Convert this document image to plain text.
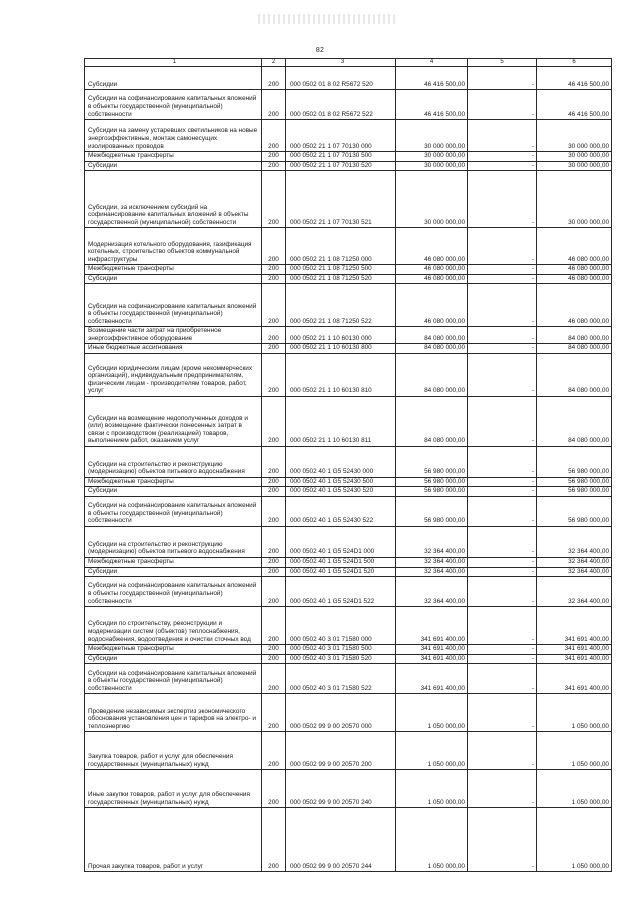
82
1	2	3	4	5	6
Субсидии	200	000 0502 01 8 02 R5672 520	46 416 500,00	-	46 416 500,00
Субсидии на софинансирование капитальных вложений в объекты государственной (муниципальной) собственности	200	000 0502 01 8 02 R5672 522	46 416 500,00	-	46 416 500,00
Субсидии на замену устаревших светильников на новые энергоэффективные, монтаж самонесущих изолированных проводов	200	000 0502 21 1 07 70130 000	30 000 000,00	-	30 000 000,00
Межбюджетные трансферты	200	000 0502 21 1 07 70130 500	30 000 000,00	-	30 000 000,00
Субсидии	200	000 0502 21 1 07 70130 520	30 000 000,00	-	30 000 000,00
Субсидии, за исключением субсидий на софинансирование капитальных вложений в объекты государственной (муниципальной) собственности	200	000 0502 21 1 07 70130 521	30 000 000,00	-	30 000 000,00
Модернизация котельного оборудования, газификация котельных, строительство объектов коммунальной инфраструктуры	200	000 0502 21 1 08 71250 000	46 080 000,00	-	46 080 000,00
Межбюджетные трансферты	200	000 0502 21 1 08 71250 500	46 080 000,00	-	46 080 000,00
Субсидии	200	000 0502 21 1 08 71250 520	46 080 000,00	-	46 080 000,00
Субсидии на софинансирование капитальных вложений в объекты государственной (муниципальной) собственности	200	000 0502 21 1 08 71250 522	46 080 000,00	-	46 080 000,00
Возмещение части затрат на приобретенное энергоэффективное оборудование	200	000 0502 21 1 10 60130 000	84 080 000,00	-	84 080 000,00
Иные бюджетные ассигнования	200	000 0502 21 1 10 60130 800	84 080 000,00	-	84 080 000,00
Субсидии юридическим лицам (кроме некоммерческих организаций), индивидуальным предпринимателям, физическим лицам - производителям товаров, работ, услуг	200	000 0502 21 1 10 60130 810	84 080 000,00	-	84 080 000,00
Субсидии на возмещение недополученных доходов и (или) возмещение фактически понесенных затрат в связи с производством (реализацией) товаров, выполнением работ, оказанием услуг	200	000 0502 21 1 10 60130 811	84 080 000,00	-	84 080 000,00
Субсидии на строительство и реконструкцию (модернизацию) объектов питьевого водоснабжения	200	000 0502 40 1 G5 52430 000	56 980 000,00	-	56 980 000,00
Межбюджетные трансферты	200	000 0502 40 1 G5 52430 500	56 980 000,00	-	56 980 000,00
Субсидии	200	000 0502 40 1 G5 52430 520	56 980 000,00	-	56 980 000,00
Субсидии на софинансирование капитальных вложений в объекты государственной (муниципальной) собственности	200	000 0502 40 1 G5 52430 522	56 980 000,00	-	56 980 000,00
Субсидии на строительство и реконструкцию (модернизацию) объектов питьевого водоснабжения	200	000 0502 40 1 G5 524D1 000	32 364 400,00	-	32 364 400,00
Межбюджетные трансферты	200	000 0502 40 1 G5 524D1 500	32 364 400,00	-	32 364 400,00
Субсидии	200	000 0502 40 1 G5 524D1 520	32 364 400,00	-	32 364 400,00
Субсидии на софинансирование капитальных вложений в объекты государственной (муниципальной) собственности	200	000 0502 40 1 G5 524D1 522	32 364 400,00	-	32 364 400,00
Субсидии по строительству, реконструкции и модернизации систем (объектов) теплоснабжения, водоснабжения, водоотведения и очистки сточных вод	200	000 0502 40 3 01 71580 000	341 691 400,00	-	341 691 400,00
Межбюджетные трансферты	200	000 0502 40 3 01 71580 500	341 691 400,00	-	341 691 400,00
Субсидии	200	000 0502 40 3 01 71580 520	341 691 400,00	-	341 691 400,00
Субсидии на софинансирование капитальных вложений в объекты государственной (муниципальной) собственности	200	000 0502 40 3 01 71580 522	341 691 400,00	-	341 691 400,00
Проведение независимых экспертиз экономического обоснования установления цен и тарифов на электро- и теплоэнергию	200	000 0502 99 9 00 20570 000	1 050 000,00	-	1 050 000,00
Закупка товаров, работ и услуг для обеспечения государственных (муниципальных) нужд	200	000 0502 99 9 00 20570 200	1 050 000,00	-	1 050 000,00
Иные закупки товаров, работ и услуг для обеспечения государственных (муниципальных) нужд	200	000 0502 99 9 00 20570 240	1 050 000,00	-	1 050 000,00
Прочая закупка товаров, работ и услуг	200	000 0502 99 9 00 20570 244	1 050 000,00	-	1 050 000,00
